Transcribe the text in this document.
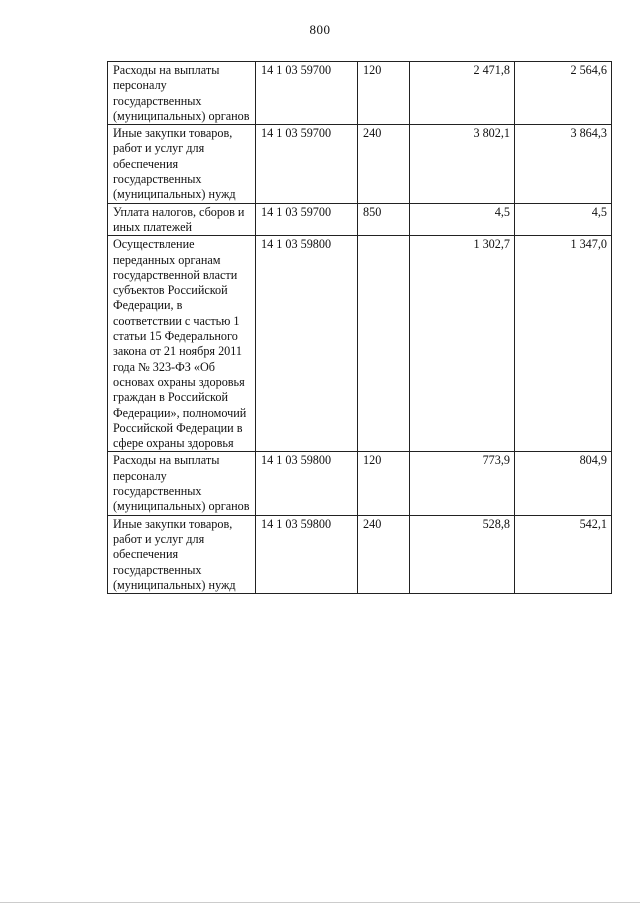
800
Расходы на выплаты персоналу государственных (муниципальных) органов	14 1 03 59700	120	2 471,8	2 564,6
Иные закупки товаров, работ и услуг для обеспечения государственных (муниципальных) нужд	14 1 03 59700	240	3 802,1	3 864,3
Уплата налогов, сборов и иных платежей	14 1 03 59700	850	4,5	4,5
Осуществление переданных органам государственной власти субъектов Российской Федерации, в соответствии с частью 1 статьи 15 Федерального закона от 21 ноября 2011 года № 323-ФЗ «Об основах охраны здоровья граждан в Российской Федерации», полномочий Российской Федерации в сфере охраны здоровья	14 1 03 59800		1 302,7	1 347,0
Расходы на выплаты персоналу государственных (муниципальных) органов	14 1 03 59800	120	773,9	804,9
Иные закупки товаров, работ и услуг для обеспечения государственных (муниципальных) нужд	14 1 03 59800	240	528,8	542,1
